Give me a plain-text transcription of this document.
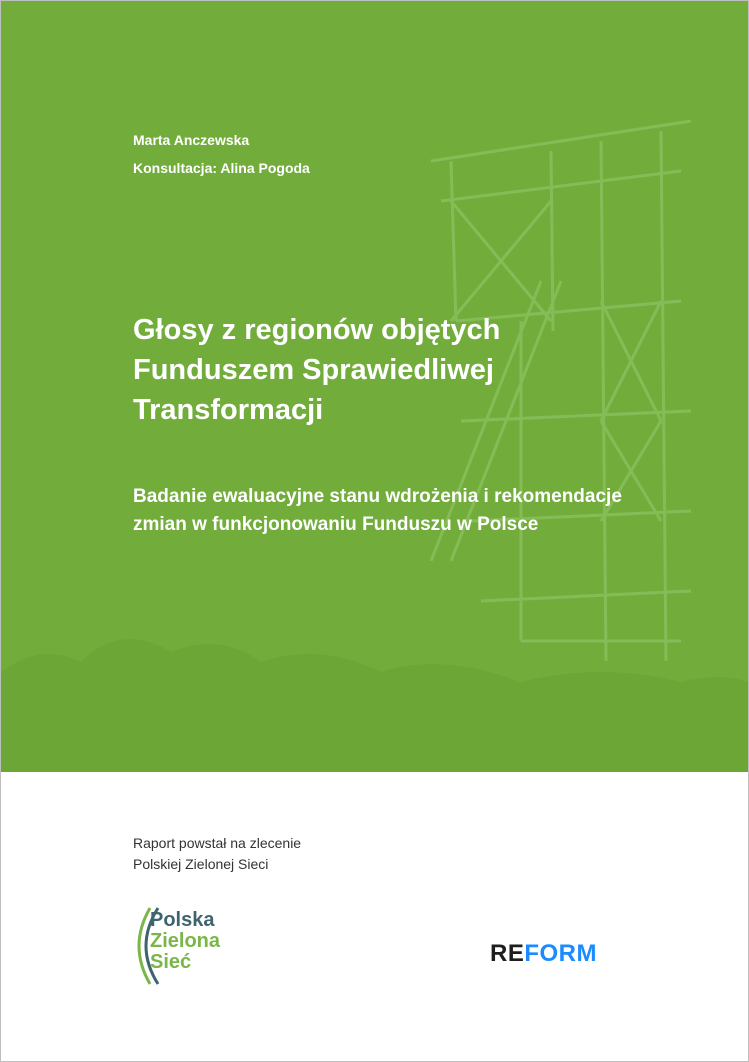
Marta Anczewska
Konsultacja: Alina Pogoda
Głosy z regionów objętych Funduszem Sprawiedliwej Transformacji
Badanie ewaluacyjne stanu wdrożenia i rekomendacje zmian w funkcjonowaniu Funduszu w Polsce
Raport powstał na zlecenie
Polskiej Zielonej Sieci
Polska
Zielona
Sieć	REFORM
